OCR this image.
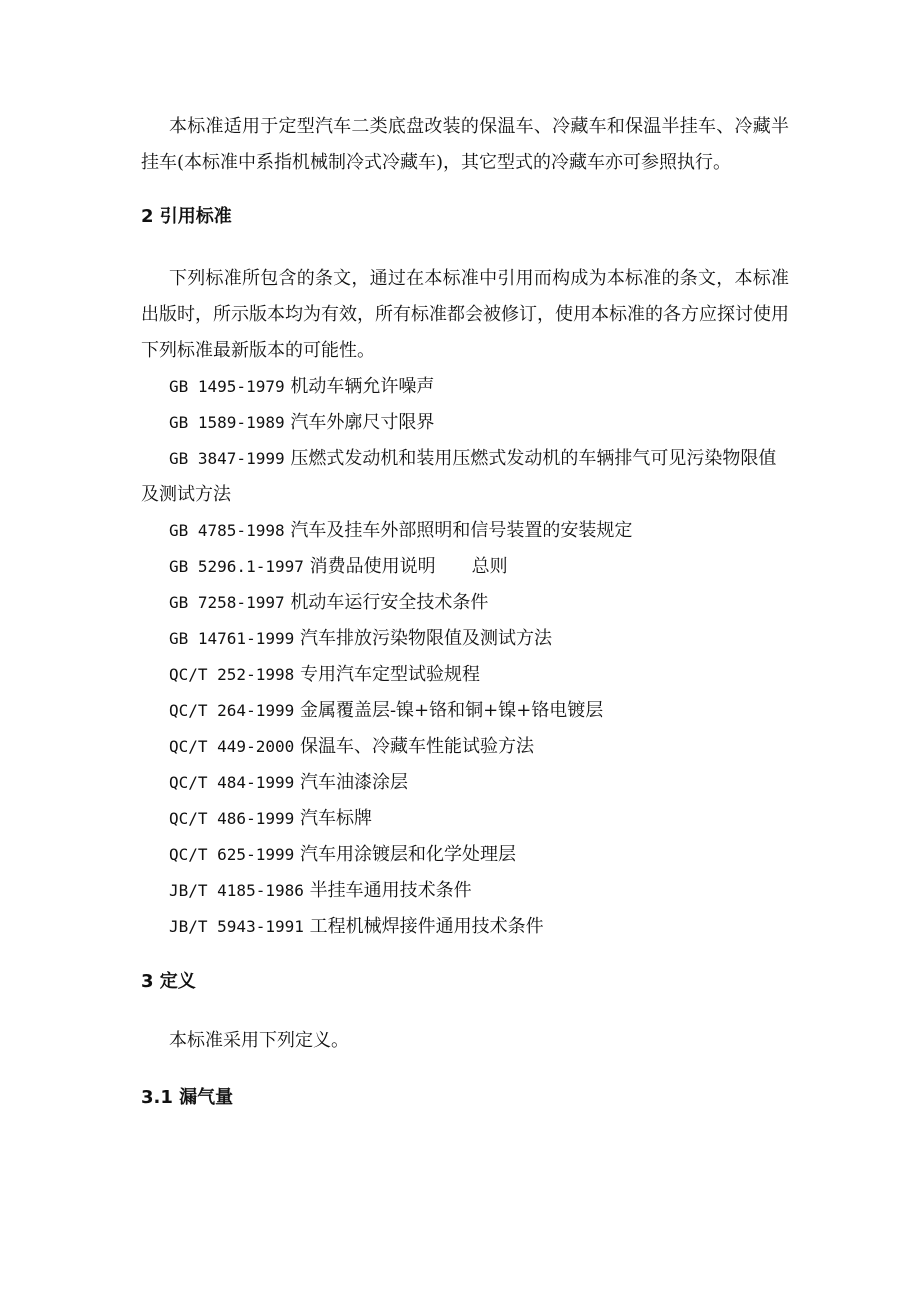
本标准适用于定型汽车二类底盘改装的保温车、冷藏车和保温半挂车、冷藏半挂车(本标准中系指机械制冷式冷藏车)，其它型式的冷藏车亦可参照执行。

2 引用标准

下列标准所包含的条文，通过在本标准中引用而构成为本标准的条文，本标准出版时，所示版本均为有效，所有标准都会被修订，使用本标准的各方应探讨使用下列标准最新版本的可能性。

GB 1495-1979 机动车辆允许噪声
GB 1589-1989 汽车外廓尺寸限界
GB 3847-1999 压燃式发动机和装用压燃式发动机的车辆排气可见污染物限值及测试方法
GB 4785-1998 汽车及挂车外部照明和信号装置的安装规定
GB 5296.1-1997 消费品使用说明　　总则
GB 7258-1997 机动车运行安全技术条件
GB 14761-1999 汽车排放污染物限值及测试方法
QC/T 252-1998 专用汽车定型试验规程
QC/T 264-1999 金属覆盖层-镍+铬和铜+镍+铬电镀层
QC/T 449-2000 保温车、冷藏车性能试验方法
QC/T 484-1999 汽车油漆涂层
QC/T 486-1999 汽车标牌
QC/T 625-1999 汽车用涂镀层和化学处理层
JB/T 4185-1986 半挂车通用技术条件
JB/T 5943-1991 工程机械焊接件通用技术条件
3 定义

本标准采用下列定义。

3.1 漏气量
